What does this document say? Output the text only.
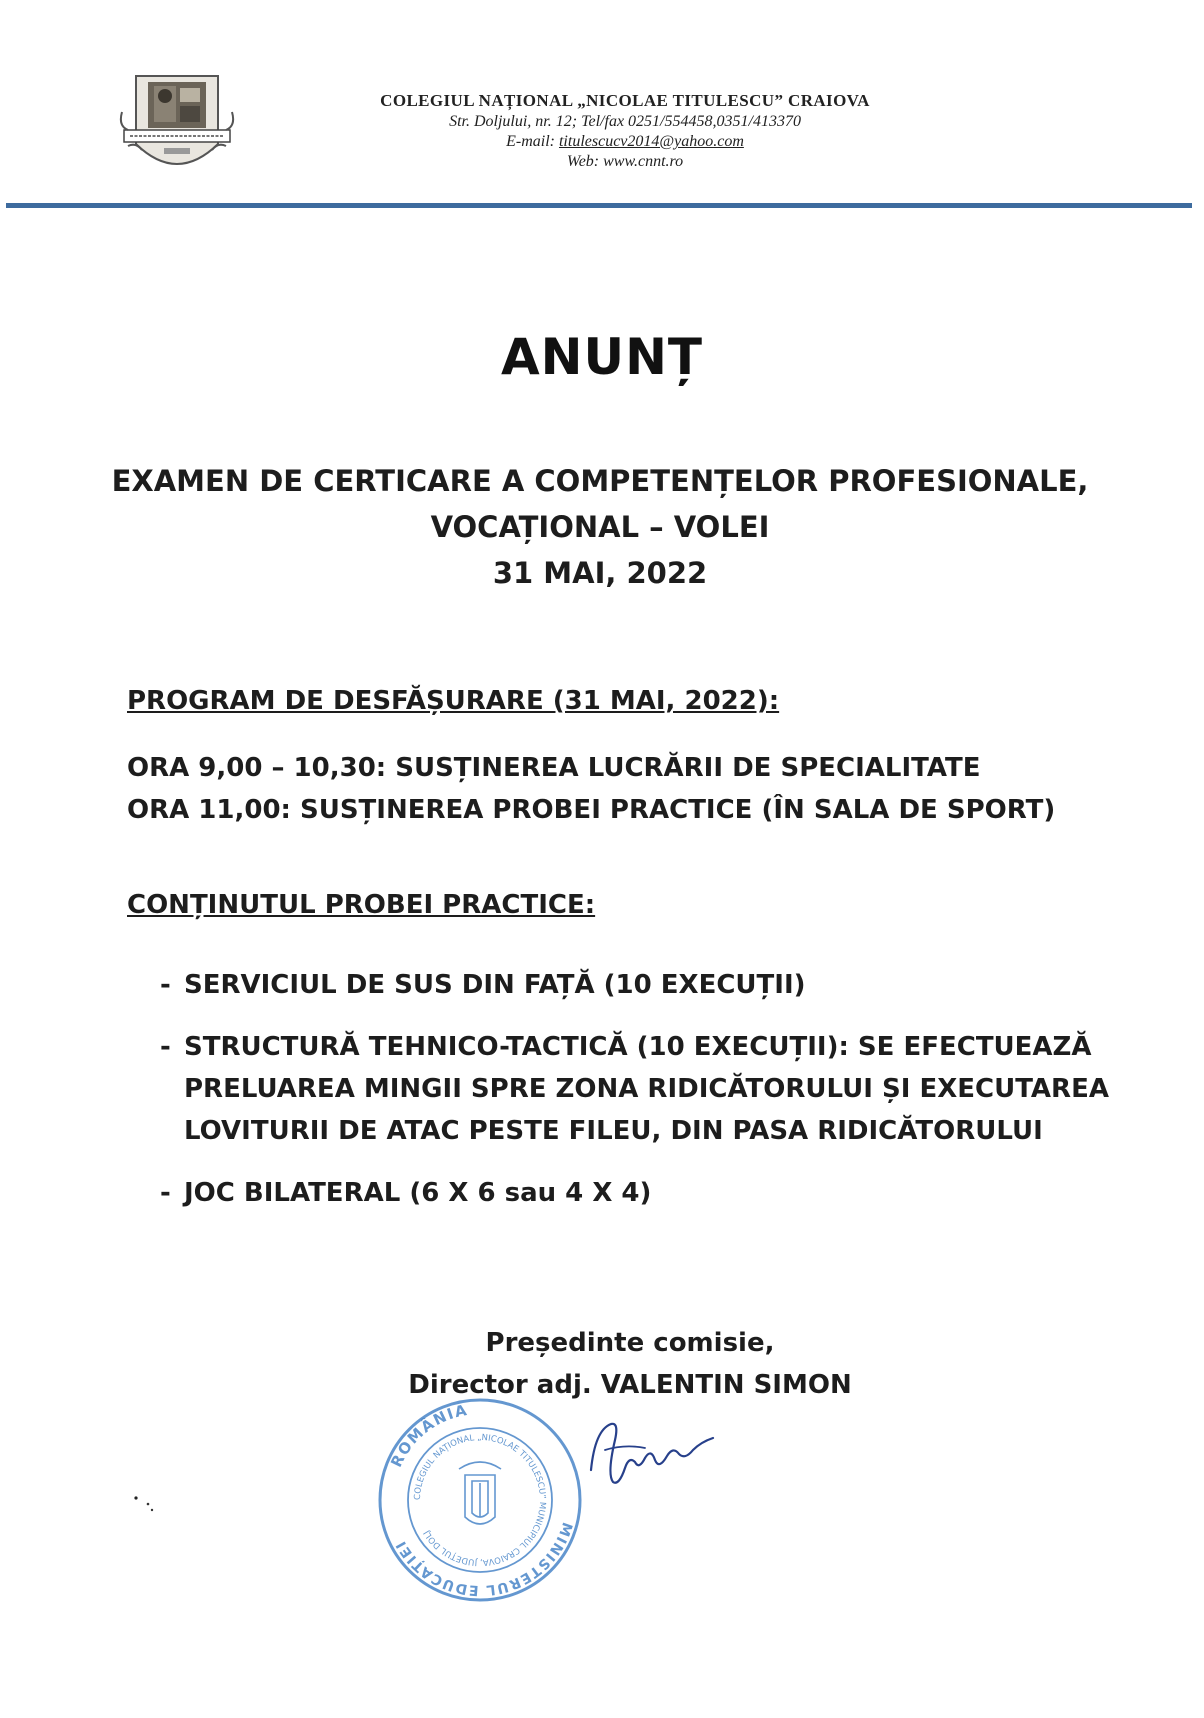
COLEGIUL NAȚIONAL „NICOLAE TITULESCU” CRAIOVA

Str. Doljului, nr. 12; Tel/fax 0251/554458,0351/413370

E-mail: titulescucv2014@yahoo.com

Web: www.cnnt.ro

ANUNȚ
EXAMEN DE CERTICARE A COMPETENȚELOR PROFESIONALE,
VOCAȚIONAL – VOLEI
31 MAI, 2022
PROGRAM DE DESFĂȘURARE (31 MAI, 2022):
ORA 9,00 – 10,30: SUSȚINEREA LUCRĂRII DE SPECIALITATE
ORA 11,00: SUSȚINEREA PROBEI PRACTICE (ÎN SALA DE SPORT)
CONȚINUTUL PROBEI PRACTICE:
- SERVICIUL DE SUS DIN FAȚĂ (10 EXECUȚII)
- STRUCTURĂ TEHNICO-TACTICĂ (10 EXECUȚII): SE EFECTUEAZĂ PRELUAREA MINGII SPRE ZONA RIDICĂTORULUI ȘI EXECUTAREA LOVITURII DE ATAC PESTE FILEU, DIN PASA RIDICĂTORULUI
- JOC BILATERAL (6 X 6 sau 4 X 4)
Președinte comisie,
Director adj. VALENTIN SIMON
ROMÂNIA
MINISTERUL EDUCAȚIEI
COLEGIUL NAȚIONAL „NICOLAE TITULESCU” MUNICIPIUL CRAIOVA, JUDEȚUL DOLJ
